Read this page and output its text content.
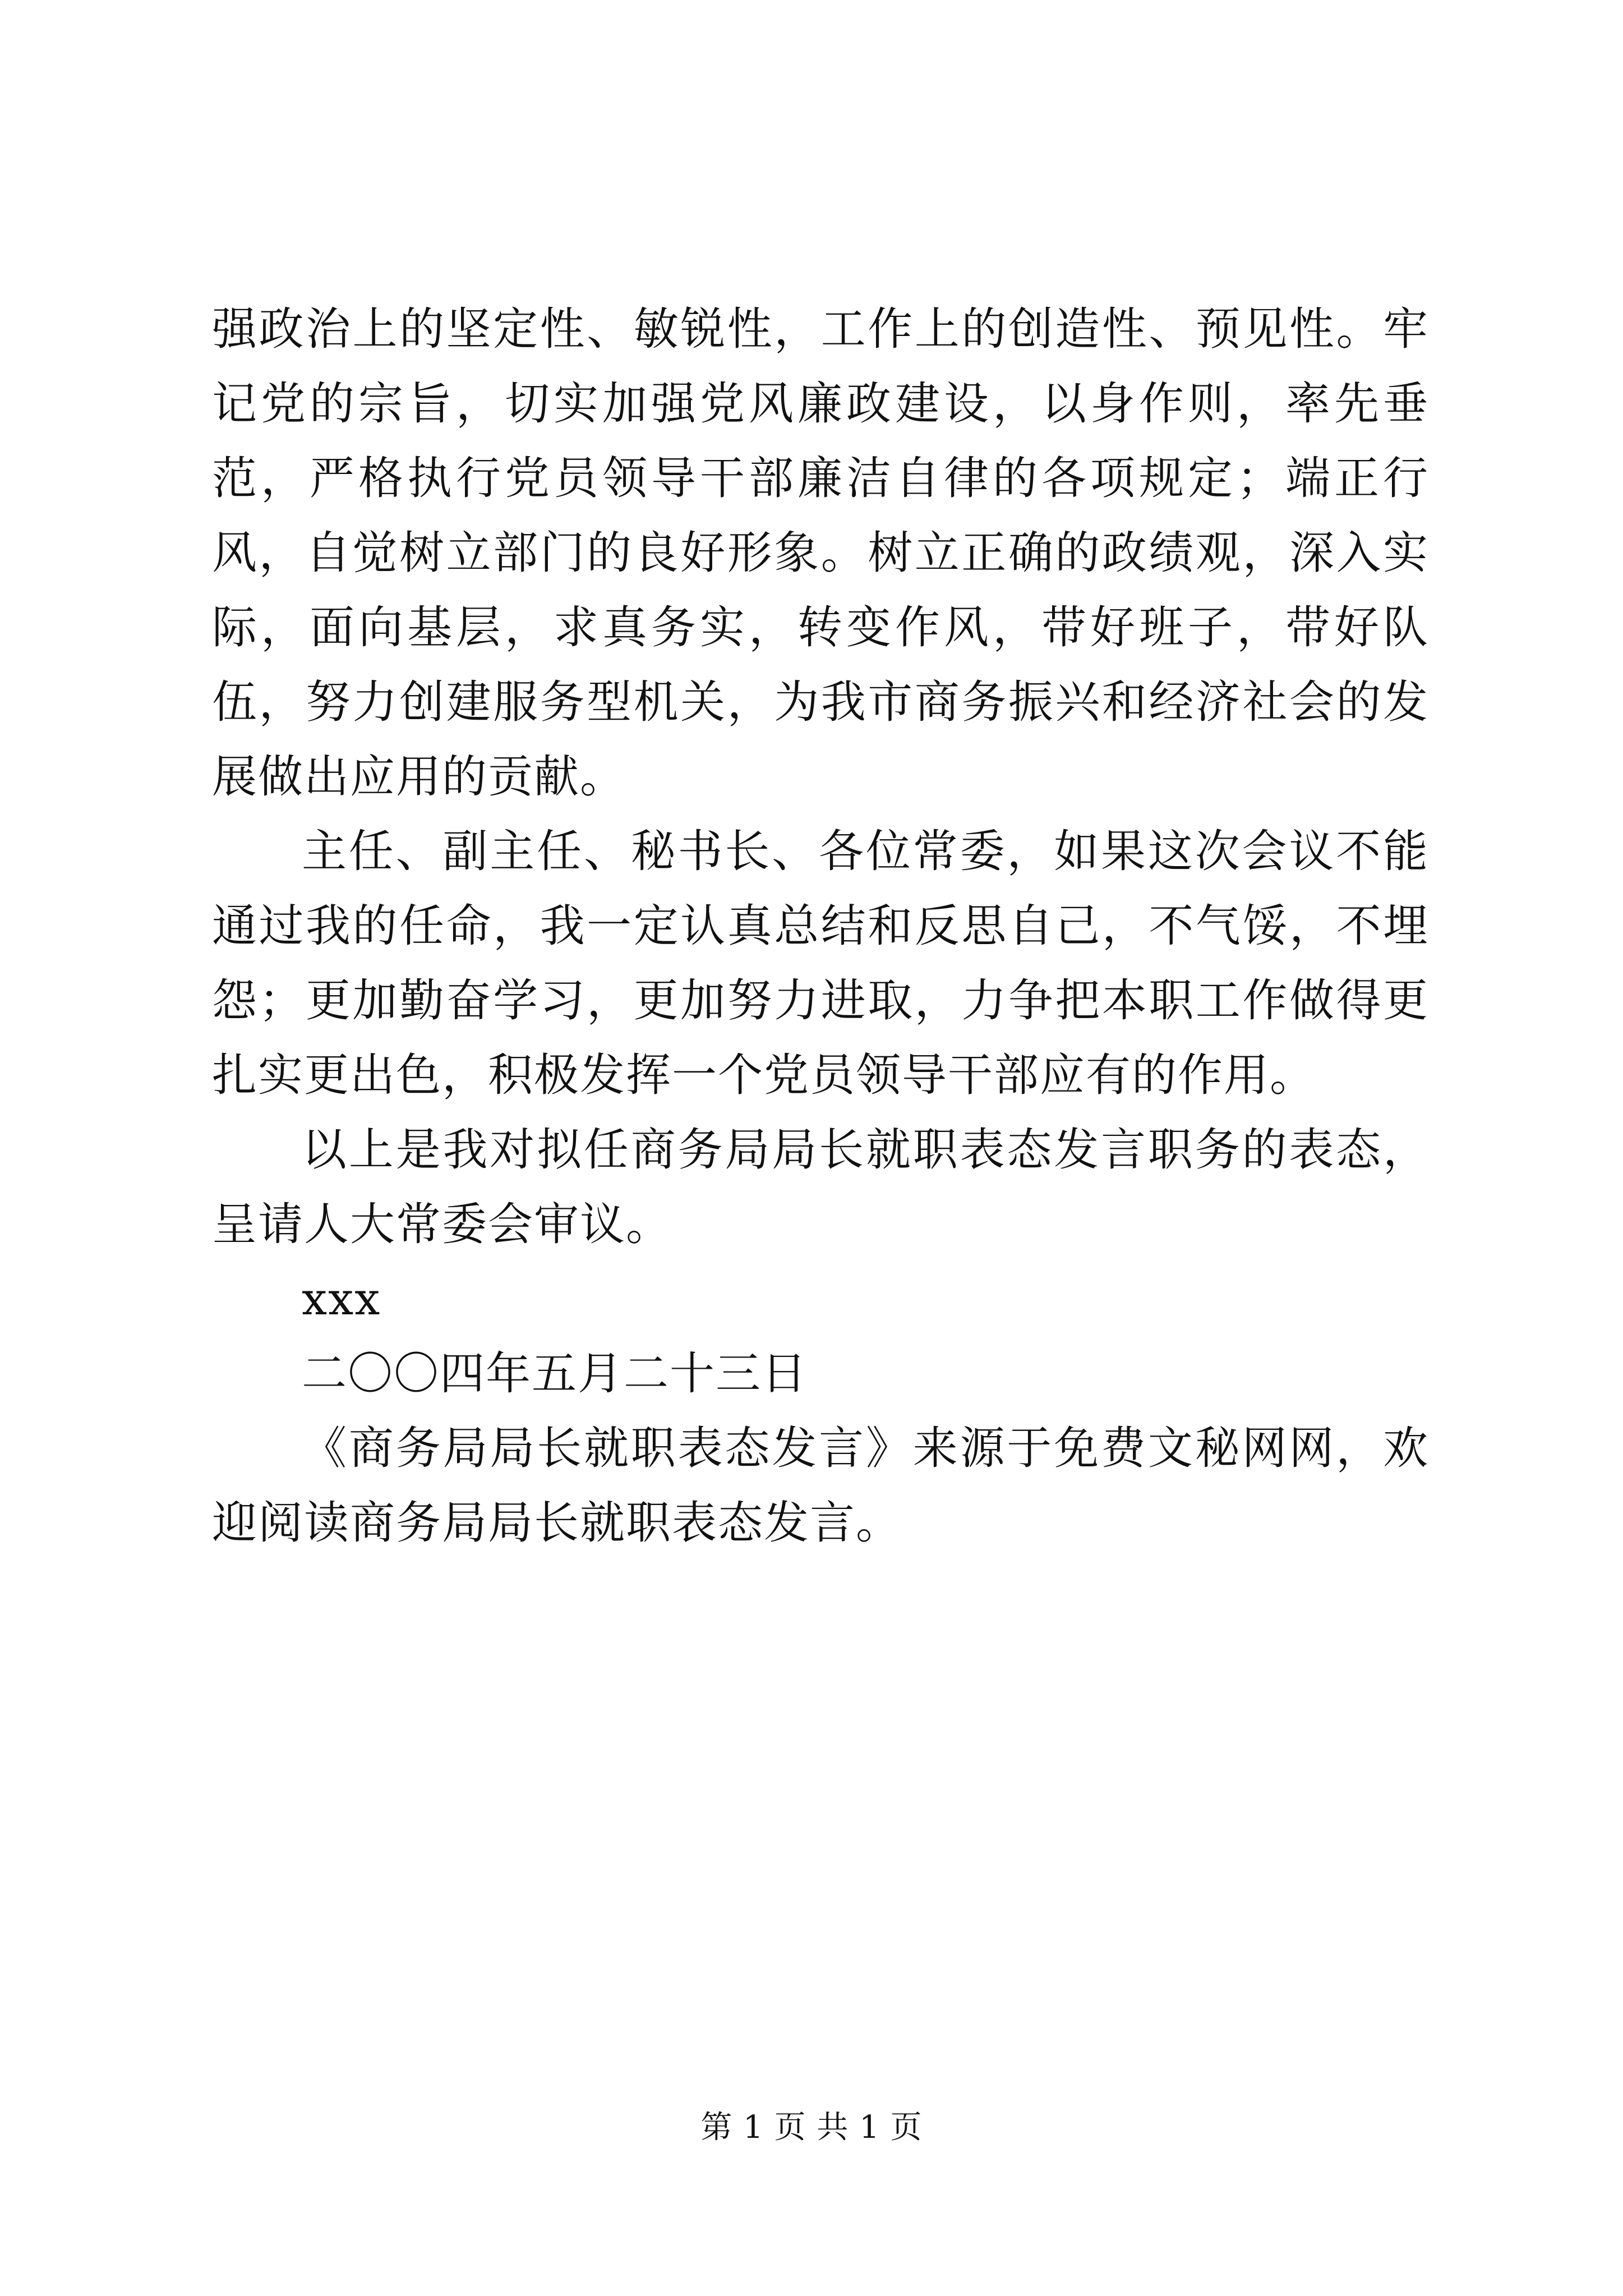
强政治上的坚定性、敏锐性，工作上的创造性、预见性。牢记党的宗旨，切实加强党风廉政建设，以身作则，率先垂范，严格执行党员领导干部廉洁自律的各项规定；端正行风，自觉树立部门的良好形象。树立正确的政绩观，深入实际，面向基层，求真务实，转变作风，带好班子，带好队伍，努力创建服务型机关，为我市商务振兴和经济社会的发展做出应用的贡献。

主任、副主任、秘书长、各位常委，如果这次会议不能通过我的任命，我一定认真总结和反思自己，不气馁，不埋怨；更加勤奋学习，更加努力进取，力争把本职工作做得更扎实更出色，积极发挥一个党员领导干部应有的作用。

以上是我对拟任商务局局长就职表态发言职务的表态，呈请人大常委会审议。

xxx

二〇〇四年五月二十三日

《商务局局长就职表态发言》来源于免费文秘网网，欢迎阅读商务局局长就职表态发言。

第 1 页 共 1 页
